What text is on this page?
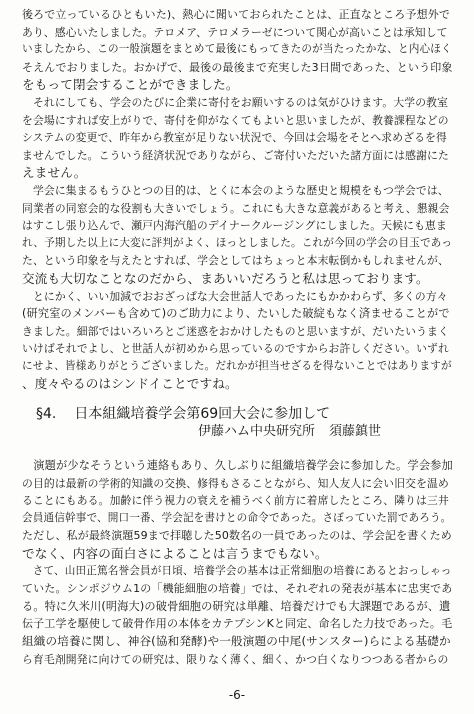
後ろで立っているひともいた)、熱心に聞いておられたことは、正直なところ予想外で
あり、感心いたしました。テロメア、テロメラーゼについて関心が高いことは承知して
いましたから、この一般演題をまとめて最後にもってきたのが当たったかな、と内心ほく
そえんでおりました。おかげで、最後の最後まで充実した3日間であった、という印象
をもって閉会することができました。
　それにしても、学会のたびに企業に寄付をお願いするのは気がひけます。大学の教室
を会場にすれば安上がりで、寄付を仰がなくてもよいと思いましたが、教養課程などの
システムの変更で、昨年から教室が足りない状況で、今回は会場をそとへ求めざるを得
ませんでした。こういう経済状況でありながら、ご寄付いただいた諸方面には感謝にた
えません。
　学会に集まるもうひとつの目的は、とくに本会のような歴史と規模をもつ学会では、
同業者の同窓会的な役割も大きいでしょう。これにも大きな意義があると考え、懇親会
はすこし張り込んで、瀬戸内海汽船のデイナークルージングにしました。天候にも恵ま
れ、予期した以上に大変に評判がよく、ほっとしました。これが今回の学会の目玉であっ
た、という印象を与えたとすれば、学会としてはちょっと本末転倒かもしれませんが、
交流も大切なことなのだから、まあいいだろうと私は思っております。
　とにかく、いい加減でおおざっぱな大会世話人であったにもかかわらず、多くの方々
(研究室のメンバーも含めて)のご助力により、たいした破綻もなく済ませることがで
きました。細部ではいろいろとご迷惑をおかけしたものと思いますが、だいたいうまく
いけばそれでよし、と世話人が初めから思っているのですからお許しください。いずれ
にせよ、皆様ありがとうございました。だれかが担当せざるを得ないことではありますが
、度々やるのはシンドイことですね。
§4. 日本組織培養学会第69回大会に参加して
伊藤ハム中央研究所 須藤鎮世
　演題が少なそうという連絡もあり、久しぶりに組織培養学会に参加した。学会参加
の目的は最新の学術的知識の交換、修得もさることながら、知人友人に会い旧交を温め
ることにもある。加齢に伴う視力の衰えを補うべく前方に着席したところ、隣りは三井
会員通信幹事で、開口一番、学会記を書けとの命令であった。さぼっていた罰であろう。
ただし、私が最終演題59まで拝聴した50数名の一員であったのは、学会記を書くため
でなく、内容の面白さによることは言うまでもない。
　さて、山田正篤名誉会員が日頃、培養学会の基本は正常細胞の培養にあるとおっしゃっ
ていた。シンポジウム1の「機能細胞の培養」では、それぞれの発表が基本に忠実であ
る。特に久米川(明海大)の破骨細胞の研究は単離、培養だけでも大課題であるが、遺
伝子工学を駆使して破骨作用の本体をカテプシンKと同定、命名した力技であった。毛
組織の培養に関し、神谷(協和発酵)や一般演題の中尾(サンスター)らによる基礎か
ら育毛剤開発に向けての研究は、限りなく薄く、細く、かつ白くなりつつある者からの
-6-
